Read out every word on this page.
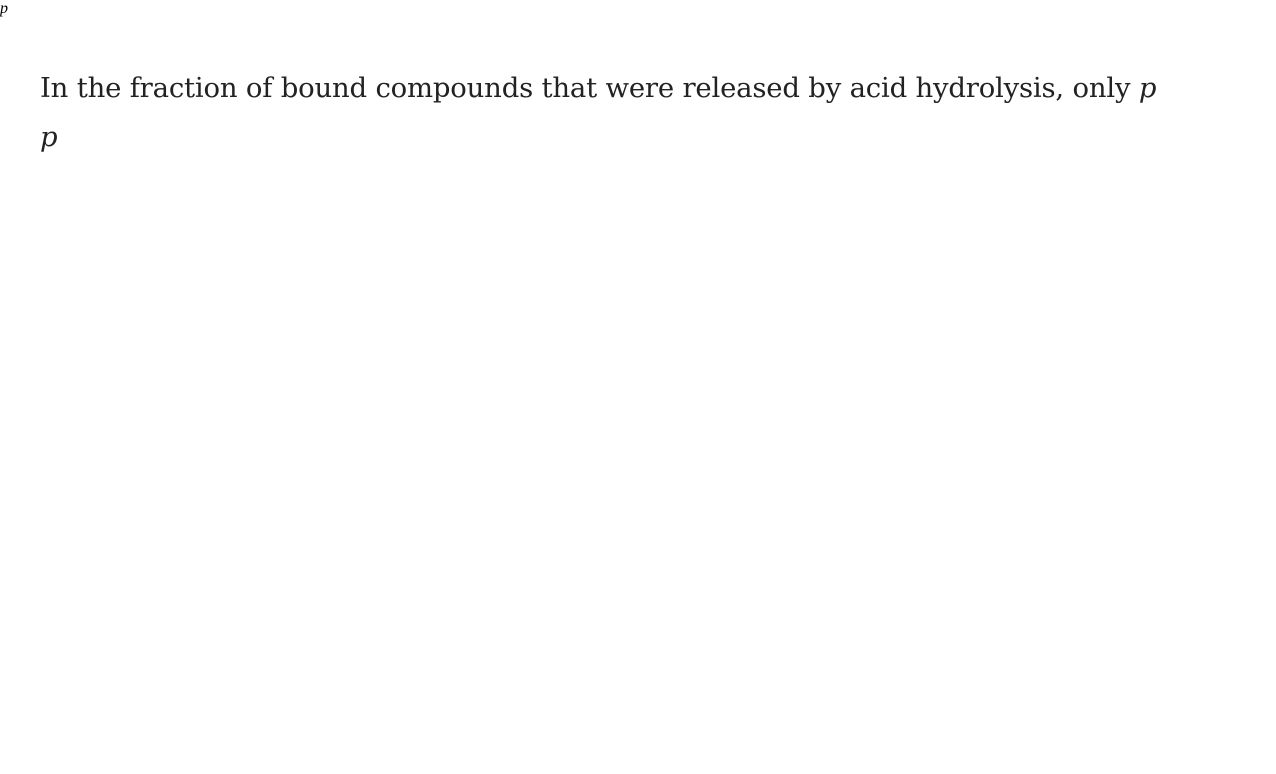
In the fraction of bound compounds that were released by acid hydrolysis, only p
p
p
